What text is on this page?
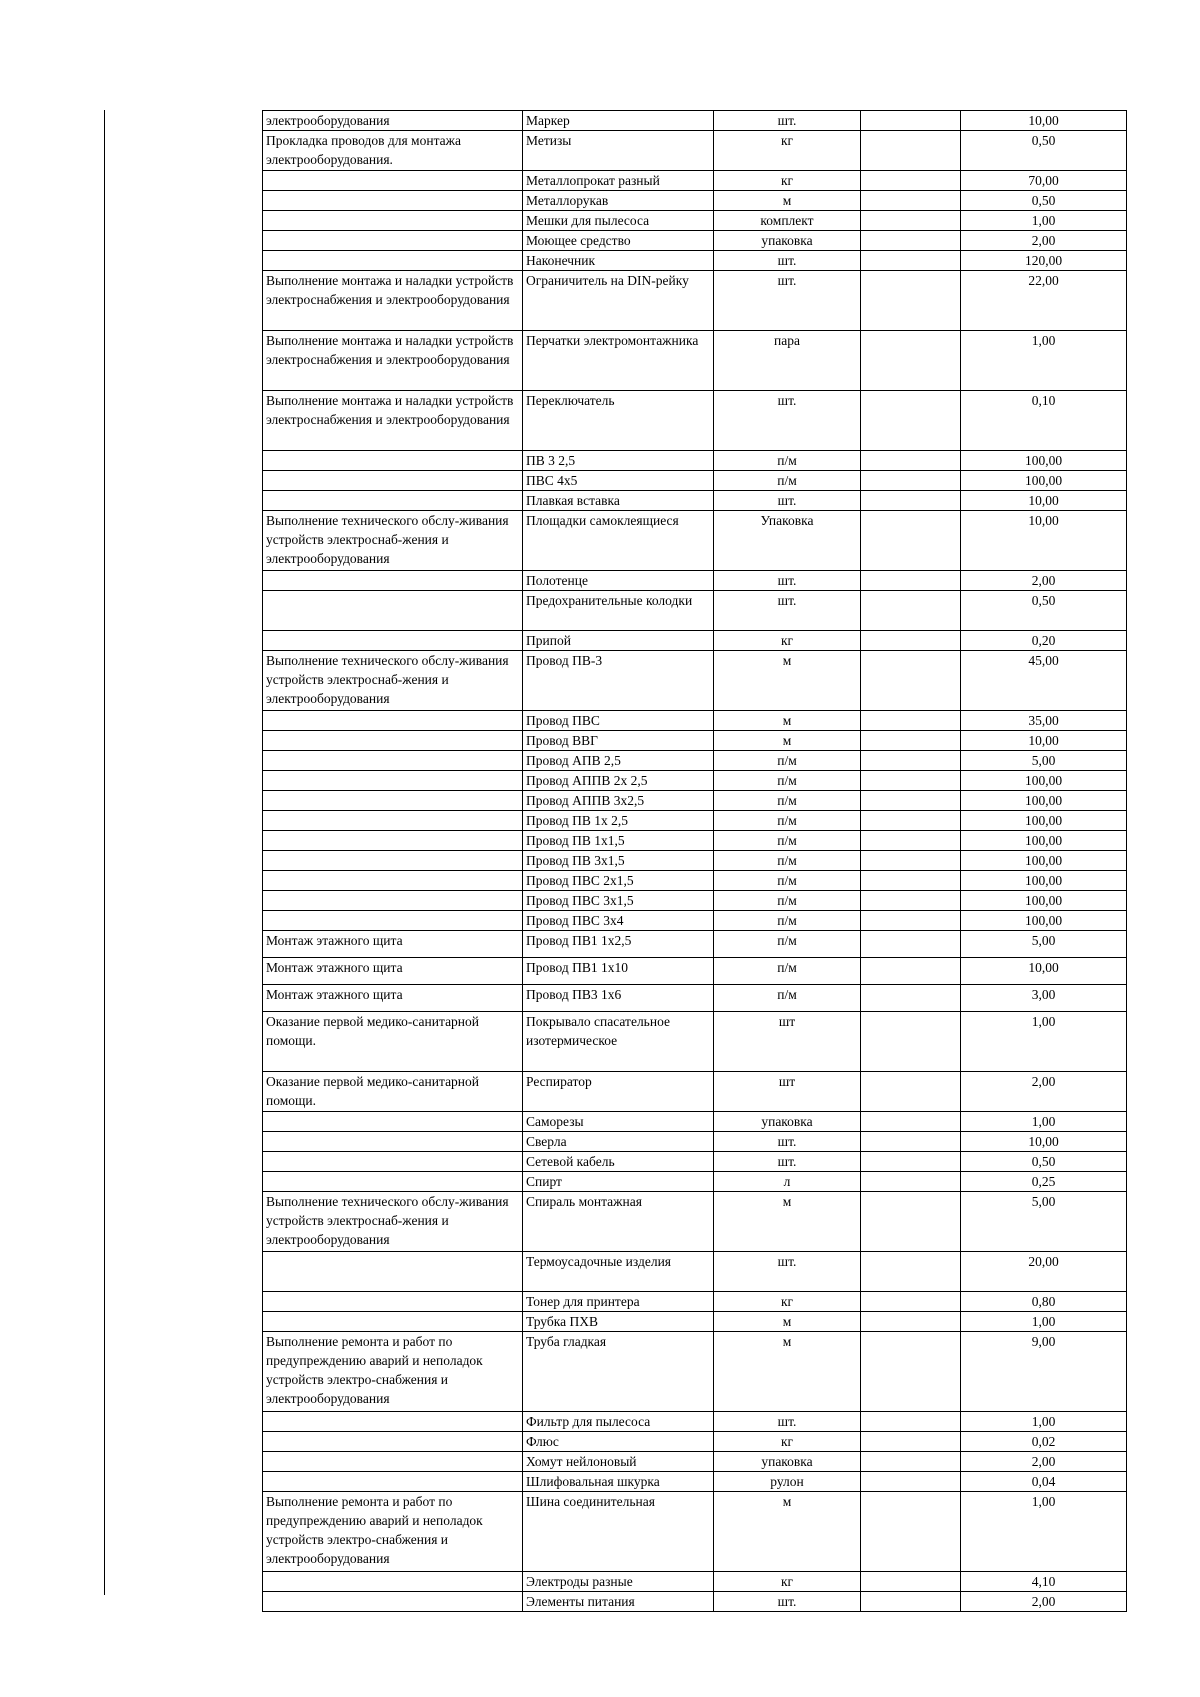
электрооборудования	Маркер	шт.		10,00
Прокладка проводов для монтажа электрооборудования.	Метизы	кг		0,50
	Металлопрокат разный	кг		70,00
	Металлорукав	м		0,50
	Мешки для пылесоса	комплект		1,00
	Моющее средство	упаковка		2,00
	Наконечник	шт.		120,00
Выполнение монтажа и наладки устройств электроснабжения и электрооборудования	Ограничитель на DIN-рейку	шт.		22,00
Выполнение монтажа и наладки устройств электроснабжения и электрооборудования	Перчатки электромонтажника	пара		1,00
Выполнение монтажа и наладки устройств электроснабжения и электрооборудования	Переключатель	шт.		0,10
	ПВ 3 2,5	п/м		100,00
	ПВС 4х5	п/м		100,00
	Плавкая вставка	шт.		10,00
Выполнение технического обслу-живания устройств электроснаб-жения и электрооборудования	Площадки самоклеящиеся	Упаковка		10,00
	Полотенце	шт.		2,00
	Предохранительные колодки	шт.		0,50
	Припой	кг		0,20
Выполнение технического обслу-живания устройств электроснаб-жения и электрооборудования	Провод ПВ-3	м		45,00
	Провод ПВС	м		35,00
	Провод ВВГ	м		10,00
	Провод АПВ 2,5	п/м		5,00
	Провод АППВ 2х 2,5	п/м		100,00
	Провод АППВ 3х2,5	п/м		100,00
	Провод ПВ 1х 2,5	п/м		100,00
	Провод ПВ 1х1,5	п/м		100,00
	Провод ПВ 3х1,5	п/м		100,00
	Провод ПВС 2х1,5	п/м		100,00
	Провод ПВС 3х1,5	п/м		100,00
	Провод ПВС 3х4	п/м		100,00
Монтаж этажного щита	Провод ПВ1 1х2,5	п/м		5,00
Монтаж этажного щита	Провод ПВ1 1х10	п/м		10,00
Монтаж этажного щита	Провод ПВ3 1х6	п/м		3,00
Оказание первой медико-санитарной помощи.	Покрывало спасательное изотермическое	шт		1,00
Оказание первой медико-санитарной помощи.	Респиратор	шт		2,00
	Саморезы	упаковка		1,00
	Сверла	шт.		10,00
	Сетевой кабель	шт.		0,50
	Спирт	л		0,25
Выполнение технического обслу-живания устройств электроснаб-жения и электрооборудования	Спираль монтажная	м		5,00
	Термоусадочные изделия	шт.		20,00
	Тонер для принтера	кг		0,80
	Трубка ПХВ	м		1,00
Выполнение ремонта и работ по предупреждению аварий и неполадок устройств электро-снабжения и электрооборудования	Труба гладкая	м		9,00
	Фильтр для пылесоса	шт.		1,00
	Флюс	кг		0,02
	Хомут нейлоновый	упаковка		2,00
	Шлифовальная шкурка	рулон		0,04
Выполнение ремонта и работ по предупреждению аварий и неполадок устройств электро-снабжения и электрооборудования	Шина соединительная	м		1,00
	Электроды разные	кг		4,10
	Элементы питания	шт.		2,00
